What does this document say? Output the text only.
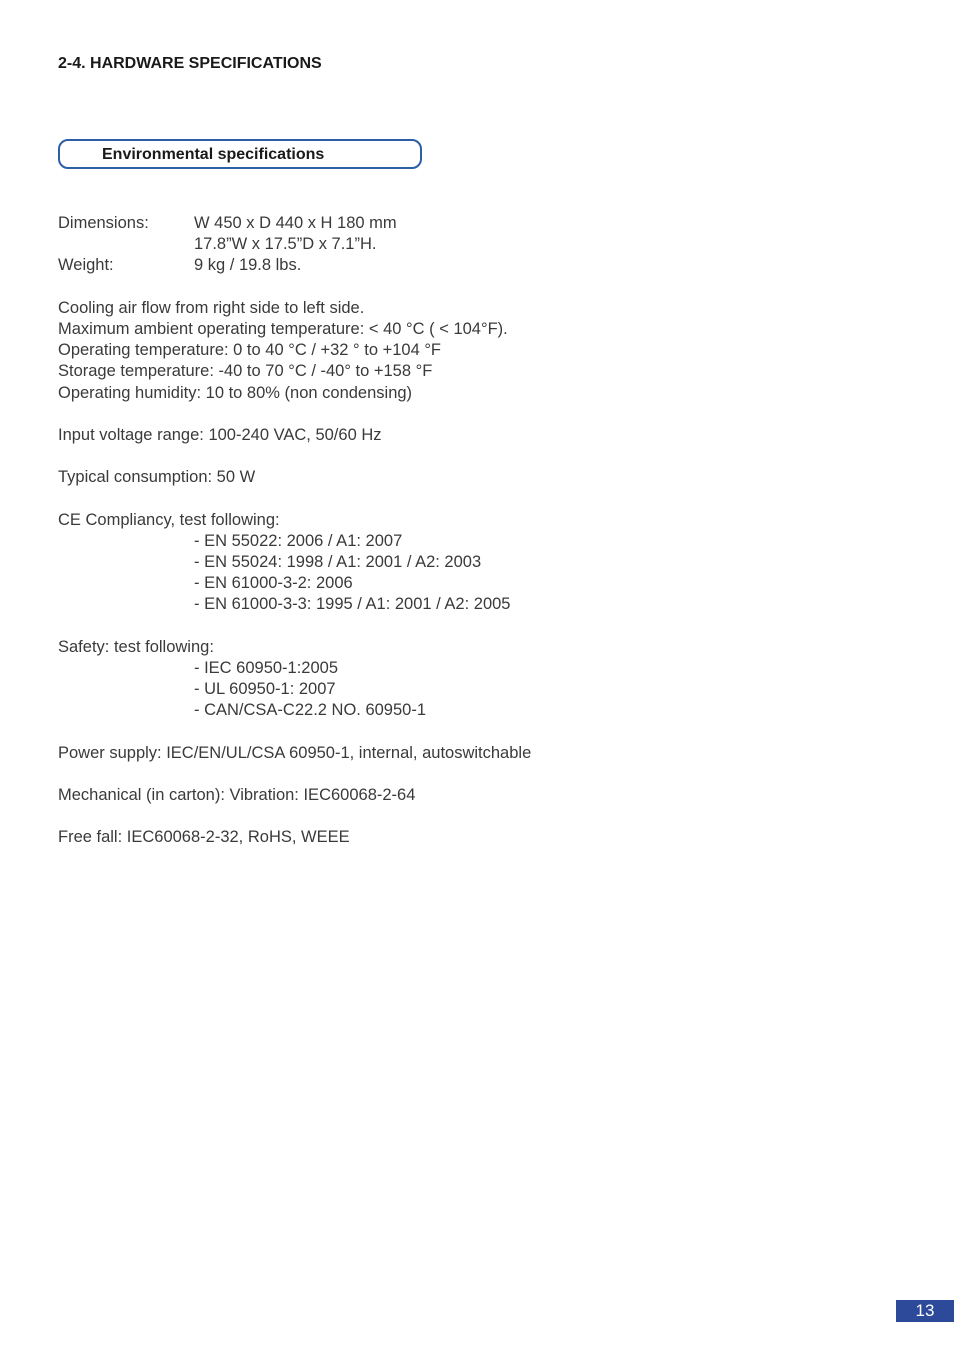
2-4. HARDWARE SPECIFICATIONS
Environmental specifications
Dimensions:	W 450 x D 440 x H 180 mm
17.8”W x 17.5”D x 7.1”H.
Weight:	9 kg / 19.8 lbs.
Cooling air flow from right side to left side.
Maximum ambient operating temperature: < 40 °C ( < 104°F).
Operating temperature: 0 to 40 °C / +32 ° to +104 °F
Storage temperature: -40 to 70 °C / -40° to +158 °F
Operating humidity: 10 to 80% (non condensing)
Input voltage range: 100-240 VAC, 50/60 Hz
Typical consumption: 50 W
CE Compliancy, test following:
- EN 55022: 2006 / A1: 2007
- EN 55024: 1998 / A1: 2001 / A2: 2003
- EN 61000-3-2: 2006
- EN 61000-3-3: 1995 / A1: 2001 / A2: 2005
Safety: test following:
- IEC 60950-1:2005
- UL 60950-1: 2007
- CAN/CSA-C22.2 NO. 60950-1
Power supply: IEC/EN/UL/CSA 60950-1, internal, autoswitchable
Mechanical (in carton): Vibration: IEC60068-2-64
Free fall: IEC60068-2-32, RoHS, WEEE
13
